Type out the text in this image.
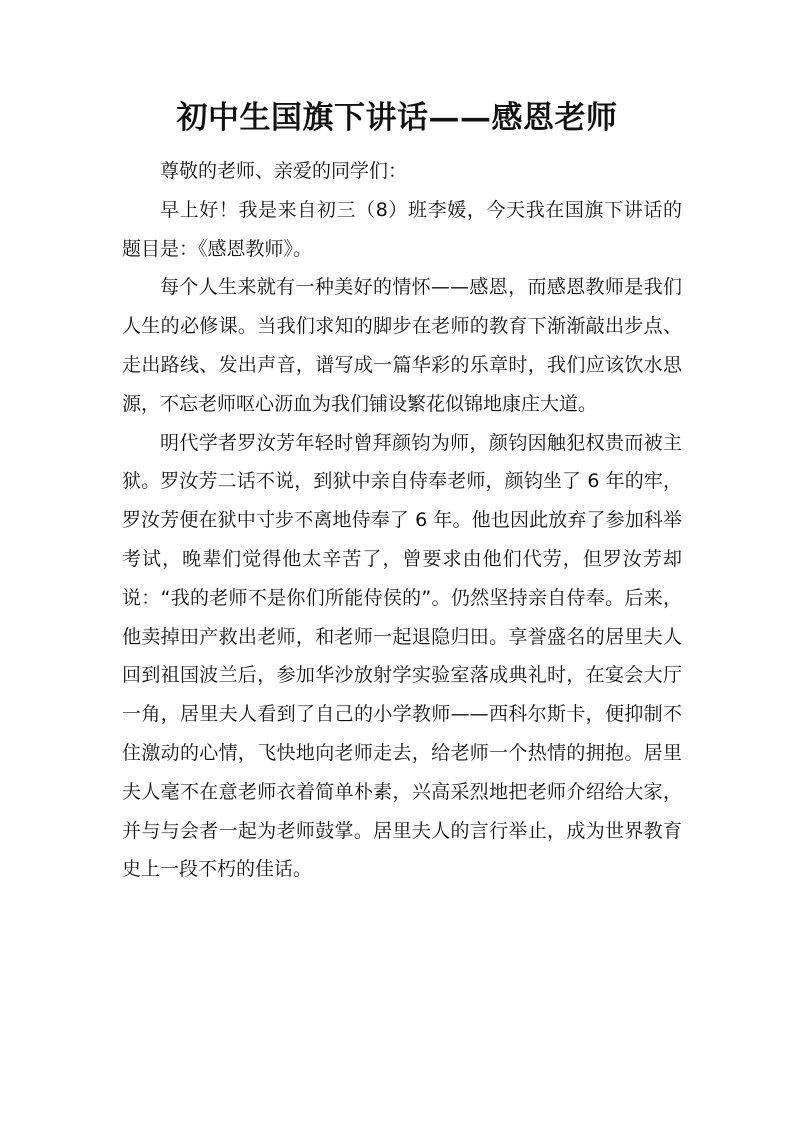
初中生国旗下讲话——感恩老师

尊敬的老师、亲爱的同学们：

早上好！我是来自初三（8）班李媛，今天我在国旗下讲话的题目是：《感恩教师》。

每个人生来就有一种美好的情怀——感恩，而感恩教师是我们人生的必修课。当我们求知的脚步在老师的教育下渐渐敲出步点、走出路线、发出声音，谱写成一篇华彩的乐章时，我们应该饮水思源，不忘老师呕心沥血为我们铺设繁花似锦地康庄大道。

明代学者罗汝芳年轻时曾拜颜钧为师，颜钧因触犯权贵而被主狱。罗汝芳二话不说，到狱中亲自侍奉老师，颜钧坐了 6 年的牢，罗汝芳便在狱中寸步不离地侍奉了 6 年。他也因此放弃了参加科举考试，晚辈们觉得他太辛苦了，曾要求由他们代劳，但罗汝芳却说：“我的老师不是你们所能侍侯的”。仍然坚持亲自侍奉。后来，他卖掉田产救出老师，和老师一起退隐归田。享誉盛名的居里夫人回到祖国波兰后，参加华沙放射学实验室落成典礼时，在宴会大厅一角，居里夫人看到了自己的小学教师——西科尔斯卡，便抑制不住激动的心情，飞快地向老师走去，给老师一个热情的拥抱。居里夫人毫不在意老师衣着简单朴素，兴高采烈地把老师介绍给大家，并与与会者一起为老师鼓掌。居里夫人的言行举止，成为世界教育史上一段不朽的佳话。
